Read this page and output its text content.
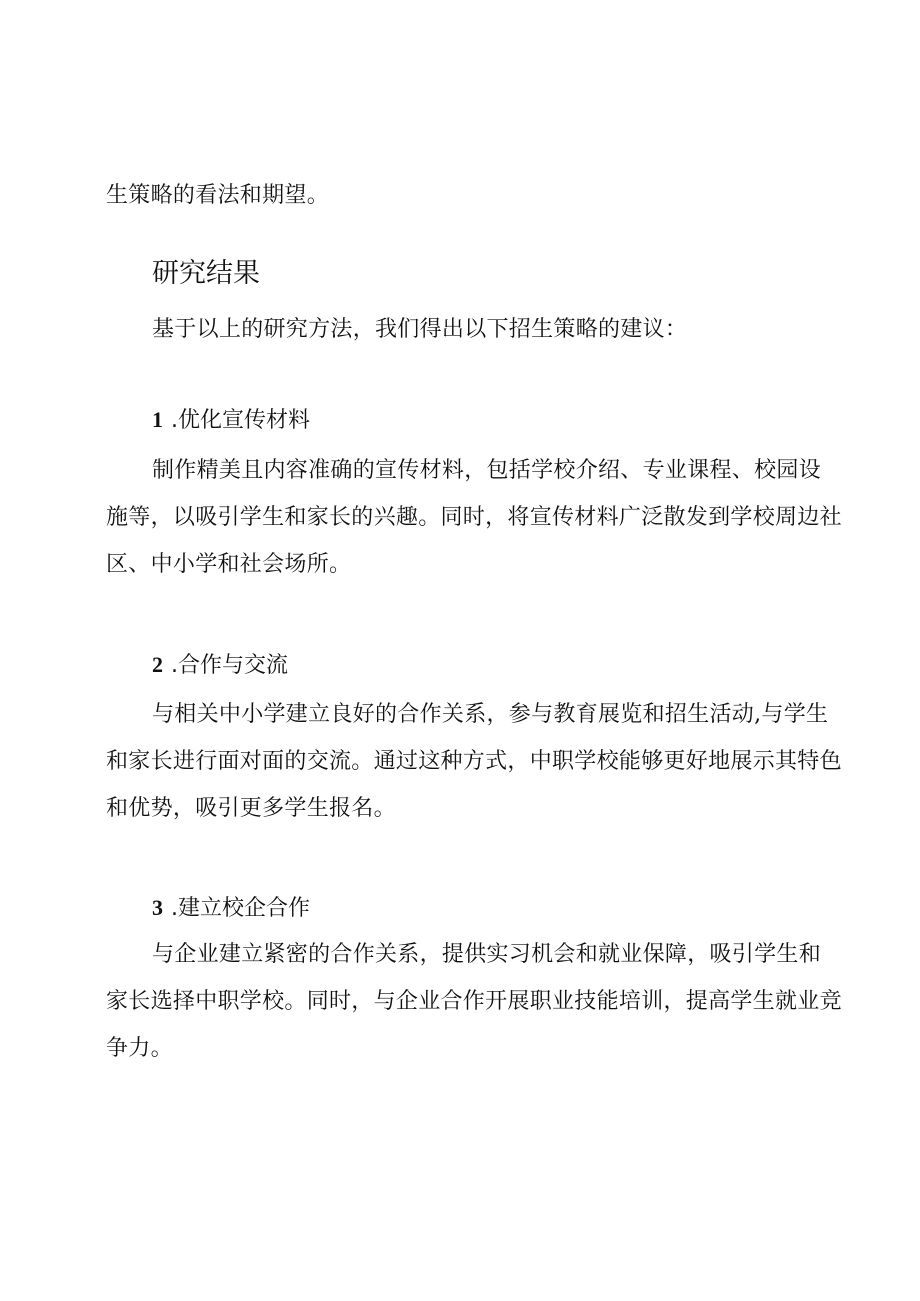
生策略的看法和期望。
研究结果
基于以上的研究方法，我们得出以下招生策略的建议：
1 .优化宣传材料
制作精美且内容准确的宣传材料，包括学校介绍、专业课程、校园设
施等，以吸引学生和家长的兴趣。同时，将宣传材料广泛散发到学校周边社
区、中小学和社会场所。
2 .合作与交流
与相关中小学建立良好的合作关系，参与教育展览和招生活动,与学生
和家长进行面对面的交流。通过这种方式，中职学校能够更好地展示其特色
和优势，吸引更多学生报名。
3 .建立校企合作
与企业建立紧密的合作关系，提供实习机会和就业保障，吸引学生和
家长选择中职学校。同时，与企业合作开展职业技能培训，提高学生就业竞
争力。
